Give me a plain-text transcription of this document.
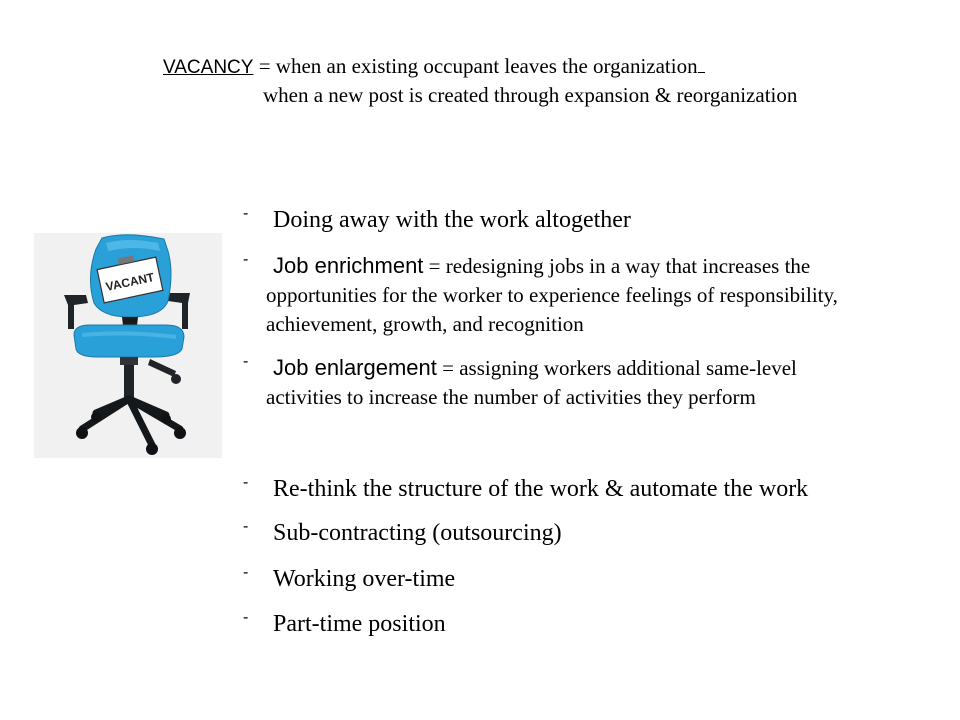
VACANCY = when an existing occupant leaves the organization
when a new post is created through expansion & reorganization
VACANT
- Doing away with the work altogether
- Job enrichment = redesigning jobs in a way that increases the
opportunities for the worker to experience feelings of responsibility,
achievement, growth, and recognition
- Job enlargement = assigning workers additional same-level
activities to increase the number of activities they perform
- Re-think the structure of the work & automate the work
- Sub-contracting (outsourcing)
- Working over-time
- Part-time position
